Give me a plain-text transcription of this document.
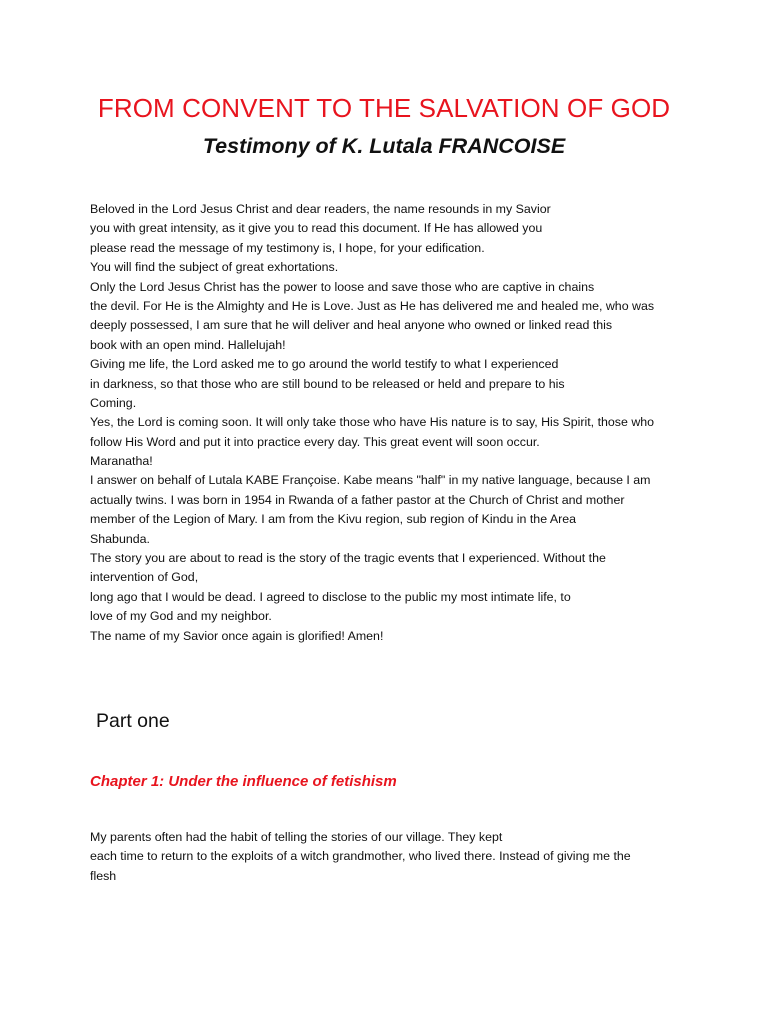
FROM CONVENT TO THE SALVATION OF GOD
Testimony of K. Lutala FRANCOISE
Beloved in the Lord Jesus Christ and dear readers, the name resounds in my Savior
you with great intensity, as it give you to read this document. If He has allowed you
please read the message of my testimony is, I hope, for your edification.
You will find the subject of great exhortations.
Only the Lord Jesus Christ has the power to loose and save those who are captive in chains
the devil. For He is the Almighty and He is Love. Just as He has delivered me and healed me, who was
deeply possessed, I am sure that he will deliver and heal anyone who owned or linked read this
book with an open mind. Hallelujah!
Giving me life, the Lord asked me to go around the world testify to what I experienced
in darkness, so that those who are still bound to be released or held and prepare to his
Coming.
Yes, the Lord is coming soon. It will only take those who have His nature is to say, His Spirit, those who
follow His Word and put it into practice every day. This great event will soon occur.
Maranatha!
I answer on behalf of Lutala KABE Françoise. Kabe means "half" in my native language, because I am
actually twins. I was born in 1954 in Rwanda of a father pastor at the Church of Christ and mother
member of the Legion of Mary. I am from the Kivu region, sub region of Kindu in the Area
Shabunda.
The story you are about to read is the story of the tragic events that I experienced. Without the
intervention of God,
long ago that I would be dead. I agreed to disclose to the public my most intimate life, to
love of my God and my neighbor.
The name of my Savior once again is glorified! Amen!
Part one
Chapter 1: Under the influence of fetishism
My parents often had the habit of telling the stories of our village. They kept
each time to return to the exploits of a witch grandmother, who lived there. Instead of giving me the
flesh
